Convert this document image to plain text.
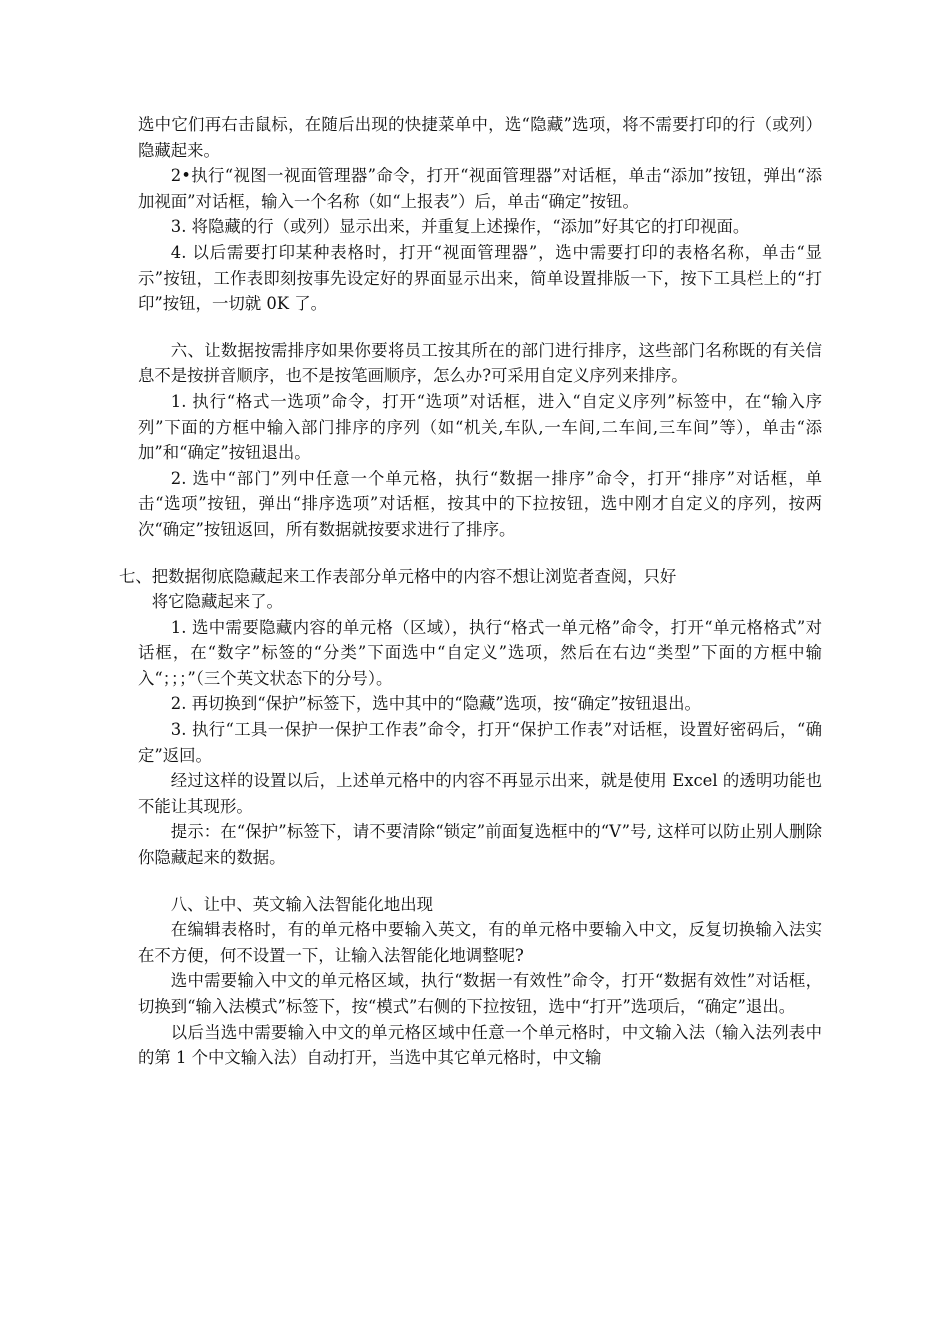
选中它们再右击鼠标，在随后出现的快捷菜单中，选“隐藏”选项，将不需要打印的行（或列）隐藏起来。

2•执行“视图一视面管理器”命令，打开“视面管理器”对话框，单击“添加”按钮，弹出“添加视面”对话框，输入一个名称（如“上报表”）后，单击“确定”按钮。

3. 将隐藏的行（或列）显示出来，并重复上述操作，“添加”好其它的打印视面。

4. 以后需要打印某种表格时，打开“视面管理器”，选中需要打印的表格名称，单击“显示”按钮，工作表即刻按事先设定好的界面显示出来，简单设置排版一下，按下工具栏上的“打印”按钮，一切就 0K 了。

六、让数据按需排序如果你要将员工按其所在的部门进行排序，这些部门名称既的有关信息不是按拼音顺序，也不是按笔画顺序，怎么办?可采用自定义序列来排序。

1. 执行“格式一选项”命令，打开“选项”对话框，进入“自定义序列”标签中，在“输入序列”下面的方框中输入部门排序的序列（如“机关,车队,一车间,二车间,三车间”等），单击“添加”和“确定”按钮退出。

2. 选中“部门”列中任意一个单元格，执行“数据一排序”命令，打开“排序”对话框，单击“选项”按钮，弹出“排序选项”对话框，按其中的下拉按钮，选中刚才自定义的序列，按两次“确定”按钮返回，所有数据就按要求进行了排序。

七、把数据彻底隐藏起来工作表部分单元格中的内容不想让浏览者查阅，只好

将它隐藏起来了。

1. 选中需要隐藏内容的单元格（区域），执行“格式一单元格”命令，打开“单元格格式”对话框，在“数字”标签的“分类”下面选中“自定义”选项，然后在右边“类型”下面的方框中输入“；；；”（三个英文状态下的分号）。

2. 再切换到“保护”标签下，选中其中的“隐藏”选项，按“确定”按钮退出。

3. 执行“工具一保护一保护工作表”命令，打开“保护工作表”对话框，设置好密码后，“确定”返回。

经过这样的设置以后，上述单元格中的内容不再显示出来，就是使用 Excel 的透明功能也不能让其现形。

提示：在“保护”标签下，请不要清除“锁定”前面复选框中的“V”号, 这样可以防止别人删除你隐藏起来的数据。

八、让中、英文输入法智能化地出现

在编辑表格时，有的单元格中要输入英文，有的单元格中要输入中文，反复切换输入法实在不方便，何不设置一下，让输入法智能化地调整呢?

选中需要输入中文的单元格区域，执行“数据一有效性”命令，打开“数据有效性”对话框，切换到“输入法模式”标签下，按“模式”右侧的下拉按钮，选中“打开”选项后，“确定”退出。

以后当选中需要输入中文的单元格区域中任意一个单元格时，中文输入法（输入法列表中的第 1 个中文输入法）自动打开，当选中其它单元格时，中文输
